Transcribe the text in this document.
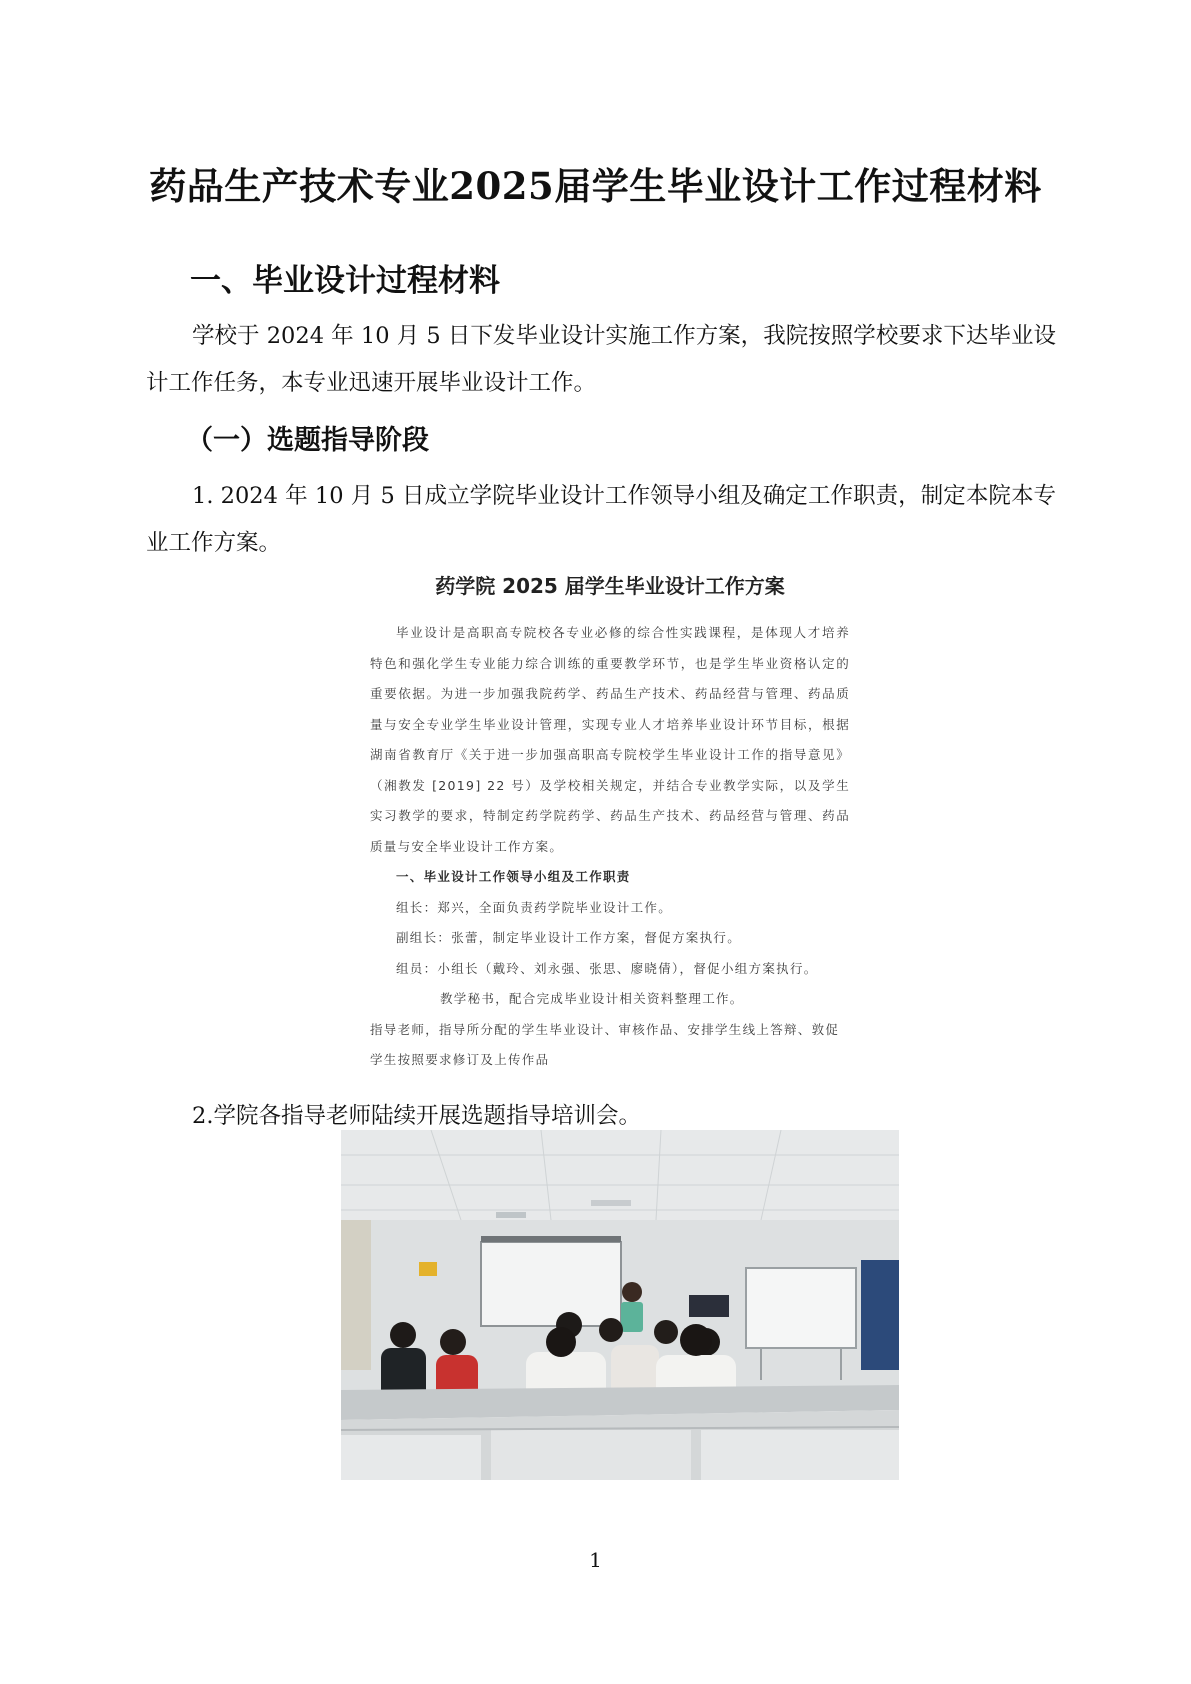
药品生产技术专业2025届学生毕业设计工作过程材料
一、毕业设计过程材料
学校于 2024 年 10 月 5 日下发毕业设计实施工作方案，我院按照学校要求下达毕业设计工作任务，本专业迅速开展毕业设计工作。
（一）选题指导阶段
1. 2024 年 10 月 5 日成立学院毕业设计工作领导小组及确定工作职责，制定本院本专业工作方案。
药学院 2025 届学生毕业设计工作方案

毕业设计是高职高专院校各专业必修的综合性实践课程，是体现人才培养特色和强化学生专业能力综合训练的重要教学环节，也是学生毕业资格认定的重要依据。为进一步加强我院药学、药品生产技术、药品经营与管理、药品质量与安全专业学生毕业设计管理，实现专业人才培养毕业设计环节目标，根据湖南省教育厅《关于进一步加强高职高专院校学生毕业设计工作的指导意见》（湘教发 [2019] 22 号）及学校相关规定，并结合专业教学实际，以及学生实习教学的要求，特制定药学院药学、药品生产技术、药品经营与管理、药品质量与安全毕业设计工作方案。

一、毕业设计工作领导小组及工作职责

组长：郑兴，全面负责药学院毕业设计工作。

副组长：张蕾，制定毕业设计工作方案，督促方案执行。

组员：小组长（戴玲、刘永强、张思、廖晓倩），督促小组方案执行。

教学秘书，配合完成毕业设计相关资料整理工作。

指导老师，指导所分配的学生毕业设计、审核作品、安排学生线上答辩、敦促学生按照要求修订及上传作品

2.学院各指导老师陆续开展选题指导培训会。
1
